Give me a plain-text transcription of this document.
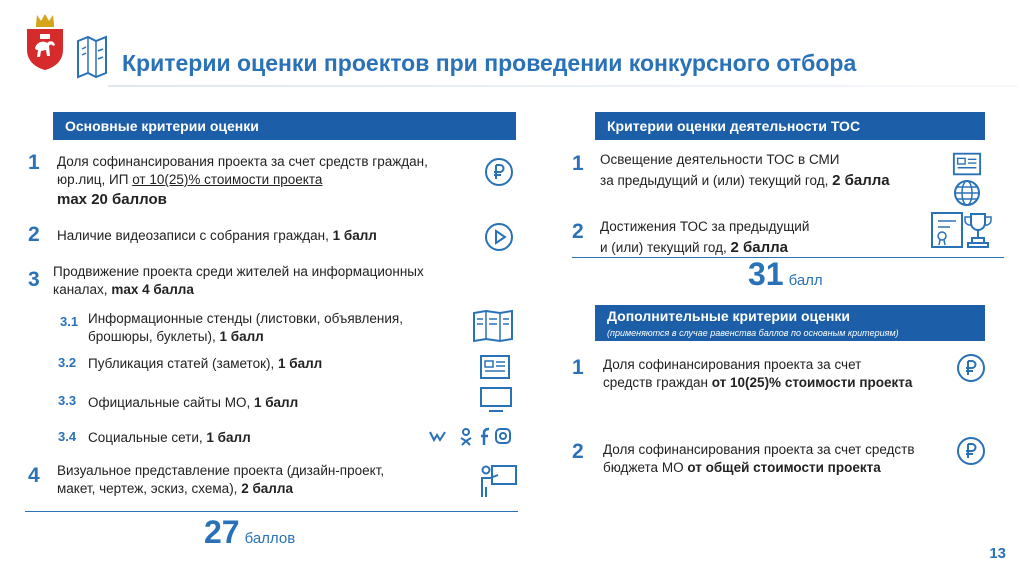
Критерии оценки проектов при проведении конкурсного отбора
Основные критерии оценки
1 Доля софинансирования проекта за счет средств граждан,
юр.лиц, ИП от 10(25)% стоимости проекта
max 20 баллов
2 Наличие видеозаписи с собрания граждан, 1 балл
3 Продвижение проекта среди жителей на информационных
каналах, max 4 балла
3.1 Информационные стенды (листовки, объявления,
брошюры, буклеты), 1 балл
3.2 Публикация статей (заметок), 1 балл
3.3 Официальные сайты МО, 1 балл
3.4 Социальные сети, 1 балл
4 Визуальное представление проекта (дизайн-проект,
макет, чертеж, эскиз, схема), 2 балла
27 баллов
Критерии оценки деятельности ТОС
1 Освещение деятельности ТОС в СМИ
за предыдущий и (или) текущий год, 2 балла
2 Достижения ТОС за предыдущий
и (или) текущий год, 2 балла
31 балл
Дополнительные критерии оценки
(применяются в случае равенства баллов по основным критериям)
1 Доля софинансирования проекта за счет
средств граждан от 10(25)% стоимости проекта
2 Доля софинансирования проекта за счет средств
бюджета МО от общей стоимости проекта
13
